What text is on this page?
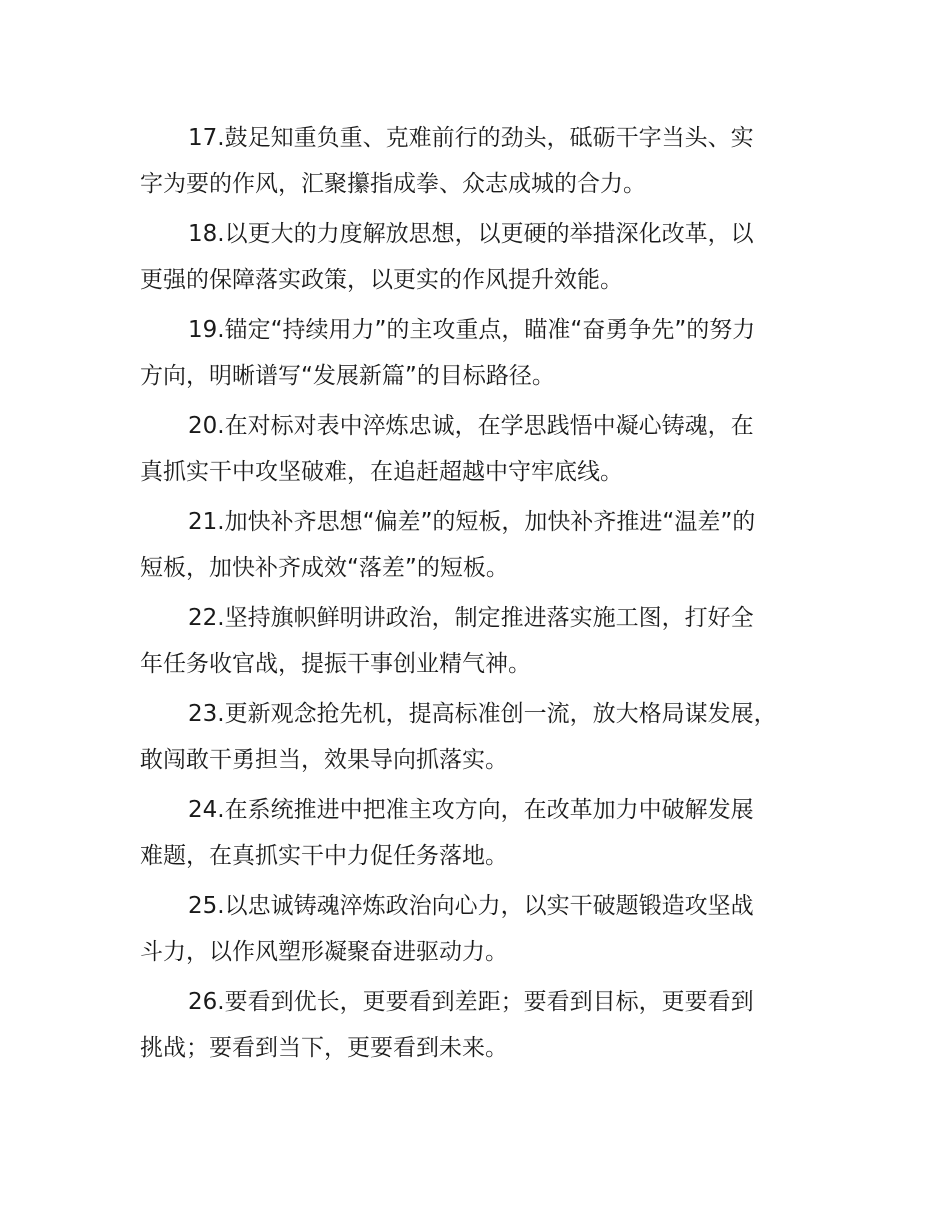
17.鼓足知重负重、克难前行的劲头，砥砺干字当头、实
字为要的作风，汇聚攥指成拳、众志成城的合力。

18.以更大的力度解放思想，以更硬的举措深化改革，以
更强的保障落实政策，以更实的作风提升效能。

19.锚定“持续用力”的主攻重点，瞄准“奋勇争先”的努力
方向，明晰谱写“发展新篇”的目标路径。

20.在对标对表中淬炼忠诚，在学思践悟中凝心铸魂，在
真抓实干中攻坚破难，在追赶超越中守牢底线。

21.加快补齐思想“偏差”的短板，加快补齐推进“温差”的
短板，加快补齐成效“落差”的短板。

22.坚持旗帜鲜明讲政治，制定推进落实施工图，打好全
年任务收官战，提振干事创业精气神。

23.更新观念抢先机，提高标准创一流，放大格局谋发展，
敢闯敢干勇担当，效果导向抓落实。

24.在系统推进中把准主攻方向，在改革加力中破解发展
难题，在真抓实干中力促任务落地。

25.以忠诚铸魂淬炼政治向心力，以实干破题锻造攻坚战
斗力，以作风塑形凝聚奋进驱动力。

26.要看到优长，更要看到差距；要看到目标，更要看到
挑战；要看到当下，更要看到未来。
